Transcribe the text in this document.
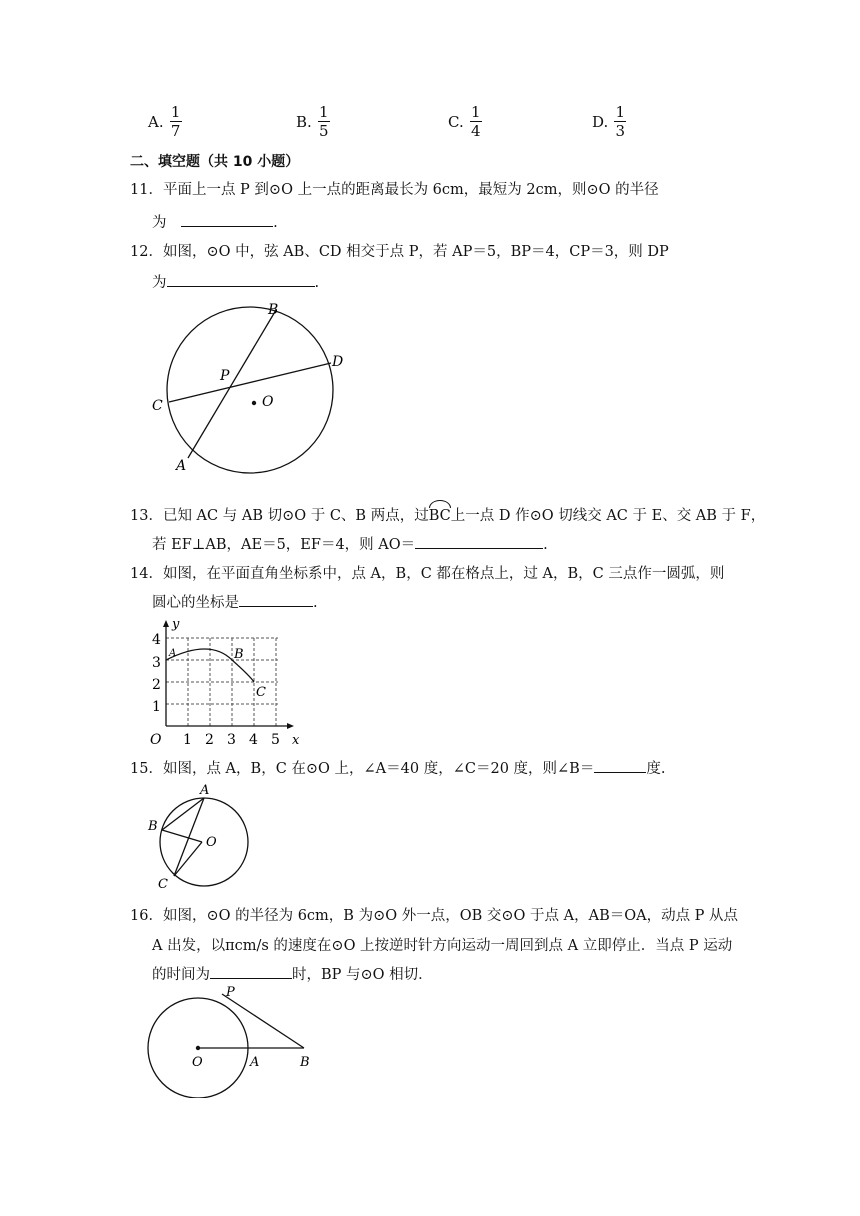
A. $\frac{1}{7}$	B. $\frac{1}{5}$	C. $\frac{1}{4}$	D. $\frac{1}{3}$
二、填空题（共 10 小题）
11．平面上一点 P 到⊙O 上一点的距离最长为 6cm，最短为 2cm，则⊙O 的半径
为	.
12．如图，⊙O 中，弦 AB、CD 相交于点 P，若 AP＝5，BP＝4，CP＝3，则 DP
为	.
O
B
D
C
A
P
13．已知 AC 与 AB 切⊙O 于 C、B 两点，过BC上一点 D 作⊙O 切线交 AC 于 E、交 AB 于 F，
若 EF⊥AB，AE＝5，EF＝4，则 AO＝	.
14．如图，在平面直角坐标系中，点 A，B，C 都在格点上，过 A，B，C 三点作一圆弧，则
圆心的坐标是	.
y
x
O 1 2 3 4 5
1
2
3
4
A	B
C
15．如图，点 A，B，C 在⊙O 上，∠A＝40 度，∠C＝20 度，则∠B＝	度.
A
B
C
O
16．如图，⊙O 的半径为 6cm，B 为⊙O 外一点，OB 交⊙O 于点 A，AB＝OA，动点 P 从点
A 出发，以πcm/s 的速度在⊙O 上按逆时针方向运动一周回到点 A 立即停止．当点 P 运动
的时间为	时，BP 与⊙O 相切．
O	A	B
P
